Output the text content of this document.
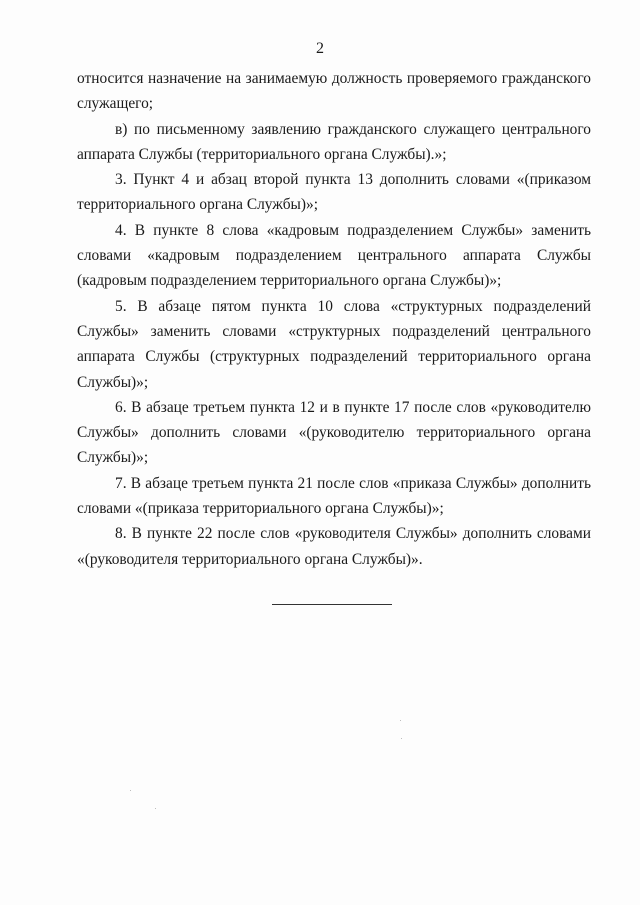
2

относится назначение на занимаемую должность проверяемого гражданского служащего;

в) по письменному заявлению гражданского служащего центрального аппарата Службы (территориального органа Службы).»;

3. Пункт 4 и абзац второй пункта 13 дополнить словами «(приказом территориального органа Службы)»;

4. В пункте 8 слова «кадровым подразделением Службы» заменить словами «кадровым подразделением центрального аппарата Службы (кадровым подразделением территориального органа Службы)»;

5. В абзаце пятом пункта 10 слова «структурных подразделений Службы» заменить словами «структурных подразделений центрального аппарата Службы (структурных подразделений территориального органа Службы)»;

6. В абзаце третьем пункта 12 и в пункте 17 после слов «руководителю Службы» дополнить словами «(руководителю территориального органа Службы)»;

7. В абзаце третьем пункта 21 после слов «приказа Службы» дополнить словами «(приказа территориального органа Службы)»;

8. В пункте 22 после слов «руководителя Службы» дополнить словами «(руководителя территориального органа Службы)».
